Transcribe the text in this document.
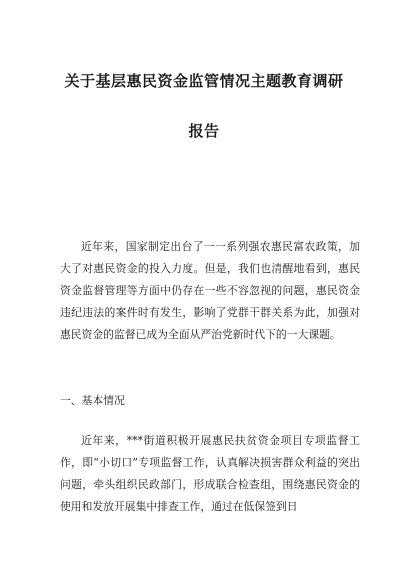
关于基层惠民资金监管情况主题教育调研
报告

近年来，国家制定出台了一一系列强农惠民富农政策，加大了对惠民资金的投入力度。但是，我们也清醒地看到，惠民资金监督管理等方面中仍存在一些不容忽视的问题，惠民资金违纪违法的案件时有发生，影响了党群干群关系为此，加强对惠民资金的监督已成为全面从严治党新时代下的一大课题。

一、基本情况

近年来，***街道积极开展惠民扶贫资金项目专项监督工作，即“小切口”专项监督工作，认真解决损害群众利益的突出问题，牵头组织民政部门，形成联合检查组，围绕惠民资金的使用和发放开展集中排查工作，通过在低保签到日
